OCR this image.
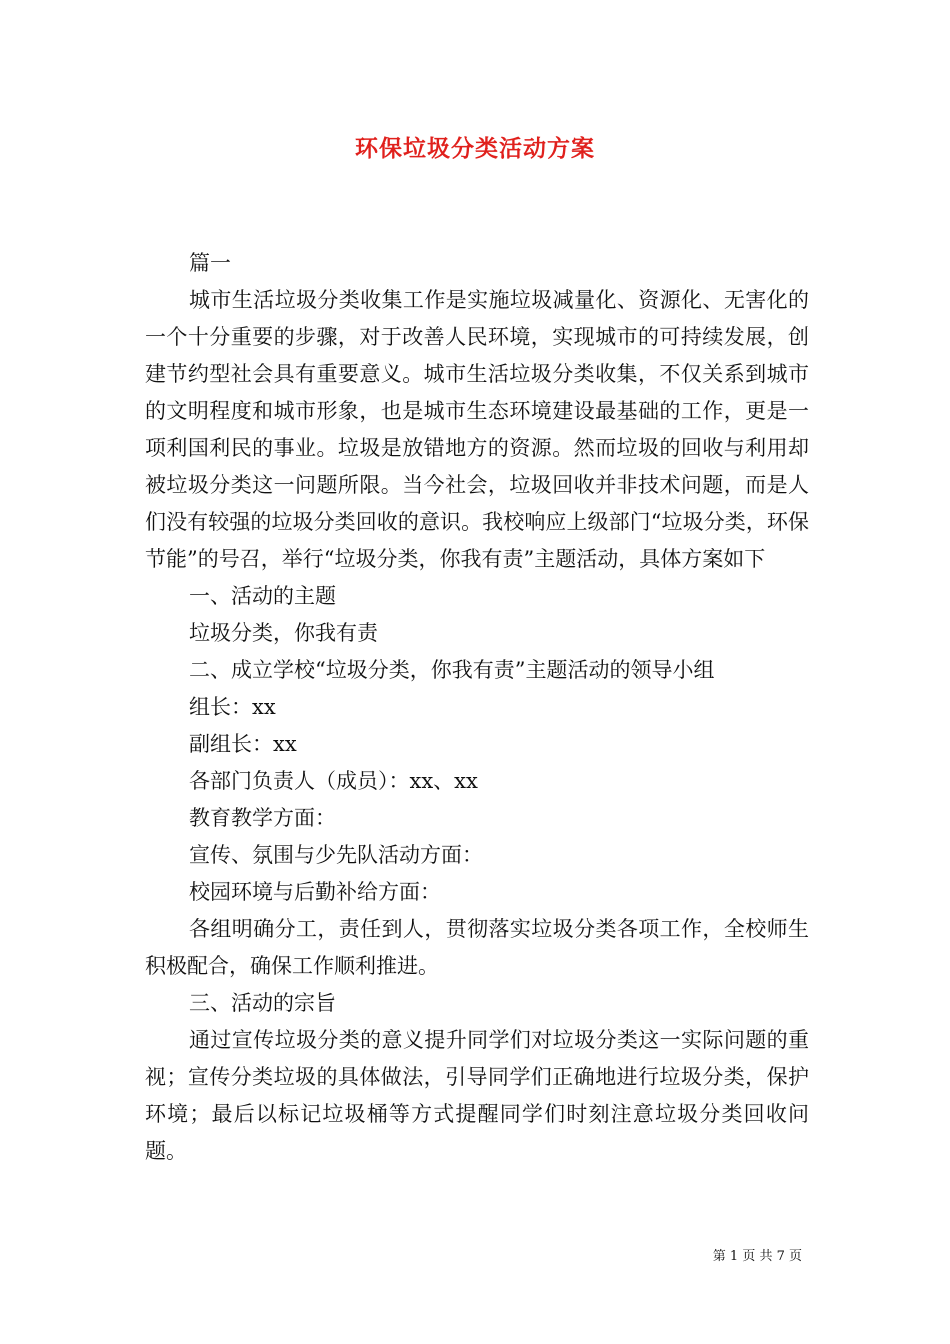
环保垃圾分类活动方案

篇一

城市生活垃圾分类收集工作是实施垃圾减量化、资源化、无害化的一个十分重要的步骤，对于改善人民环境，实现城市的可持续发展，创建节约型社会具有重要意义。城市生活垃圾分类收集，不仅关系到城市的文明程度和城市形象，也是城市生态环境建设最基础的工作，更是一项利国利民的事业。垃圾是放错地方的资源。然而垃圾的回收与利用却被垃圾分类这一问题所限。当今社会，垃圾回收并非技术问题，而是人们没有较强的垃圾分类回收的意识。我校响应上级部门“垃圾分类，环保节能”的号召，举行“垃圾分类，你我有责”主题活动，具体方案如下

一、活动的主题

垃圾分类，你我有责

二、成立学校“垃圾分类，你我有责”主题活动的领导小组

组长：xx

副组长：xx

各部门负责人（成员）：xx、xx

教育教学方面：

宣传、氛围与少先队活动方面：

校园环境与后勤补给方面：

各组明确分工，责任到人，贯彻落实垃圾分类各项工作，全校师生积极配合，确保工作顺利推进。

三、活动的宗旨

通过宣传垃圾分类的意义提升同学们对垃圾分类这一实际问题的重视；宣传分类垃圾的具体做法，引导同学们正确地进行垃圾分类，保护环境；最后以标记垃圾桶等方式提醒同学们时刻注意垃圾分类回收问题。

第 1 页 共 7 页
